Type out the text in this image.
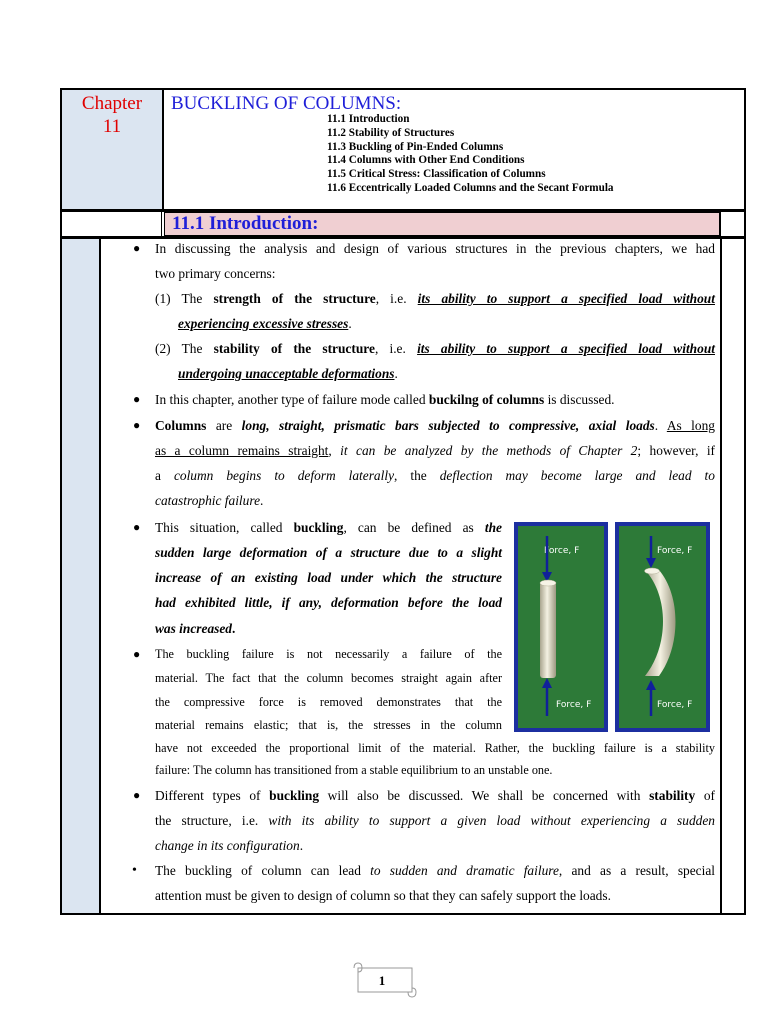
Chapter
11
BUCKLING OF COLUMNS:
11.1 Introduction
11.2 Stability of Structures
11.3 Buckling of Pin-Ended Columns
11.4 Columns with Other End Conditions
11.5 Critical Stress: Classification of Columns
11.6 Eccentrically Loaded Columns and the Secant Formula
11.1 Introduction:
● In discussing the analysis and design of various structures in the previous chapters, we had
two primary concerns:
(1) The strength of the structure, i.e. its ability to support a specified load without
experiencing excessive stresses.
(2) The stability of the structure, i.e. its ability to support a specified load without
undergoing unacceptable deformations.
● In this chapter, another type of failure mode called buckilng of columns is discussed.
● Columns are long, straight, prismatic bars subjected to compressive, axial loads. As long
as a column remains straight, it can be analyzed by the methods of Chapter 2; however, if
a column begins to deform laterally, the deflection may become large and lead to
catastrophic failure.
● This situation, called buckling, can be defined as the
sudden large deformation of a structure due to a slight
increase of an existing load under which the structure
had exhibited little, if any, deformation before the load
was increased.
● The buckling failure is not necessarily a failure of the
material. The fact that the column becomes straight again after
the compressive force is removed demonstrates that the
material remains elastic; that is, the stresses in the column
have not exceeded the proportional limit of the material. Rather, the buckling failure is a stability
failure: The column has transitioned from a stable equilibrium to an unstable one.
● Different types of buckling will also be discussed. We shall be concerned with stability of
the structure, i.e. with its ability to support a given load without experiencing a sudden
change in its configuration.
• The buckling of column can lead to sudden and dramatic failure, and as a result, special
attention must be given to design of column so that they can safely support the loads.
Force, F
Force, F
Force, F
Force, F
1
